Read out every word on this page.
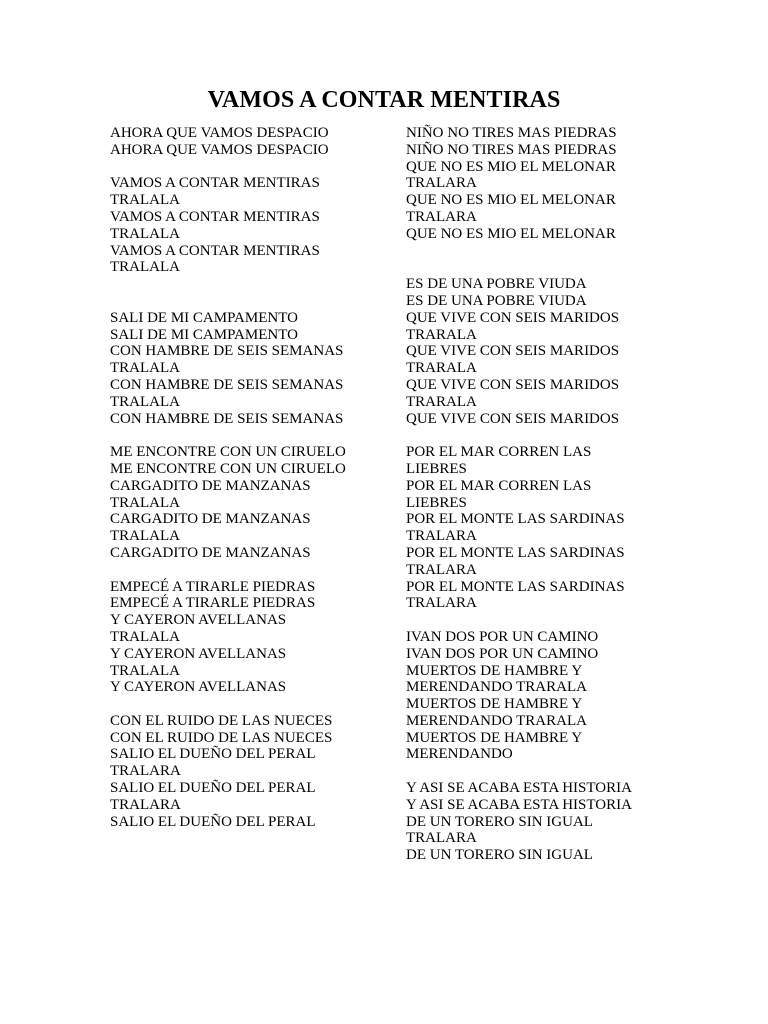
VAMOS A CONTAR MENTIRAS
AHORA QUE VAMOS DESPACIO
AHORA QUE VAMOS DESPACIO
VAMOS A CONTAR MENTIRAS
TRALALA
VAMOS A CONTAR MENTIRAS
TRALALA
VAMOS A CONTAR MENTIRAS
TRALALA
SALI DE MI CAMPAMENTO
SALI DE MI CAMPAMENTO
CON HAMBRE DE SEIS SEMANAS
TRALALA
CON HAMBRE DE SEIS SEMANAS
TRALALA
CON HAMBRE DE SEIS SEMANAS
ME ENCONTRE CON UN CIRUELO
ME ENCONTRE CON UN CIRUELO
CARGADITO DE MANZANAS
TRALALA
CARGADITO DE MANZANAS
TRALALA
CARGADITO DE MANZANAS
EMPECÉ A TIRARLE PIEDRAS
EMPECÉ A TIRARLE PIEDRAS
Y CAYERON AVELLANAS
TRALALA
Y CAYERON AVELLANAS
TRALALA
Y CAYERON AVELLANAS
CON EL RUIDO DE LAS NUECES
CON EL RUIDO DE LAS NUECES
SALIO EL DUEÑO DEL PERAL
TRALARA
SALIO EL DUEÑO DEL PERAL
TRALARA
SALIO EL DUEÑO DEL PERAL
NIÑO NO TIRES MAS PIEDRAS
NIÑO NO TIRES MAS PIEDRAS
QUE NO ES MIO EL MELONAR
TRALARA
QUE NO ES MIO EL MELONAR
TRALARA
QUE NO ES MIO EL MELONAR
ES DE UNA POBRE VIUDA
ES DE UNA POBRE VIUDA
QUE VIVE CON SEIS MARIDOS
TRARALA
QUE VIVE CON SEIS MARIDOS
TRARALA
QUE VIVE CON SEIS MARIDOS
TRARALA
QUE VIVE CON SEIS MARIDOS
POR EL MAR CORREN LAS
LIEBRES
POR EL MAR CORREN LAS
LIEBRES
POR EL MONTE LAS SARDINAS
TRALARA
POR EL MONTE LAS SARDINAS
TRALARA
POR EL MONTE LAS SARDINAS
TRALARA
IVAN DOS POR UN CAMINO
IVAN DOS POR UN CAMINO
MUERTOS DE HAMBRE Y
MERENDANDO TRARALA
MUERTOS DE HAMBRE Y
MERENDANDO TRARALA
MUERTOS DE HAMBRE Y
MERENDANDO
Y ASI SE ACABA ESTA HISTORIA
Y ASI SE ACABA ESTA HISTORIA
DE UN TORERO SIN IGUAL
TRALARA
DE UN TORERO SIN IGUAL
